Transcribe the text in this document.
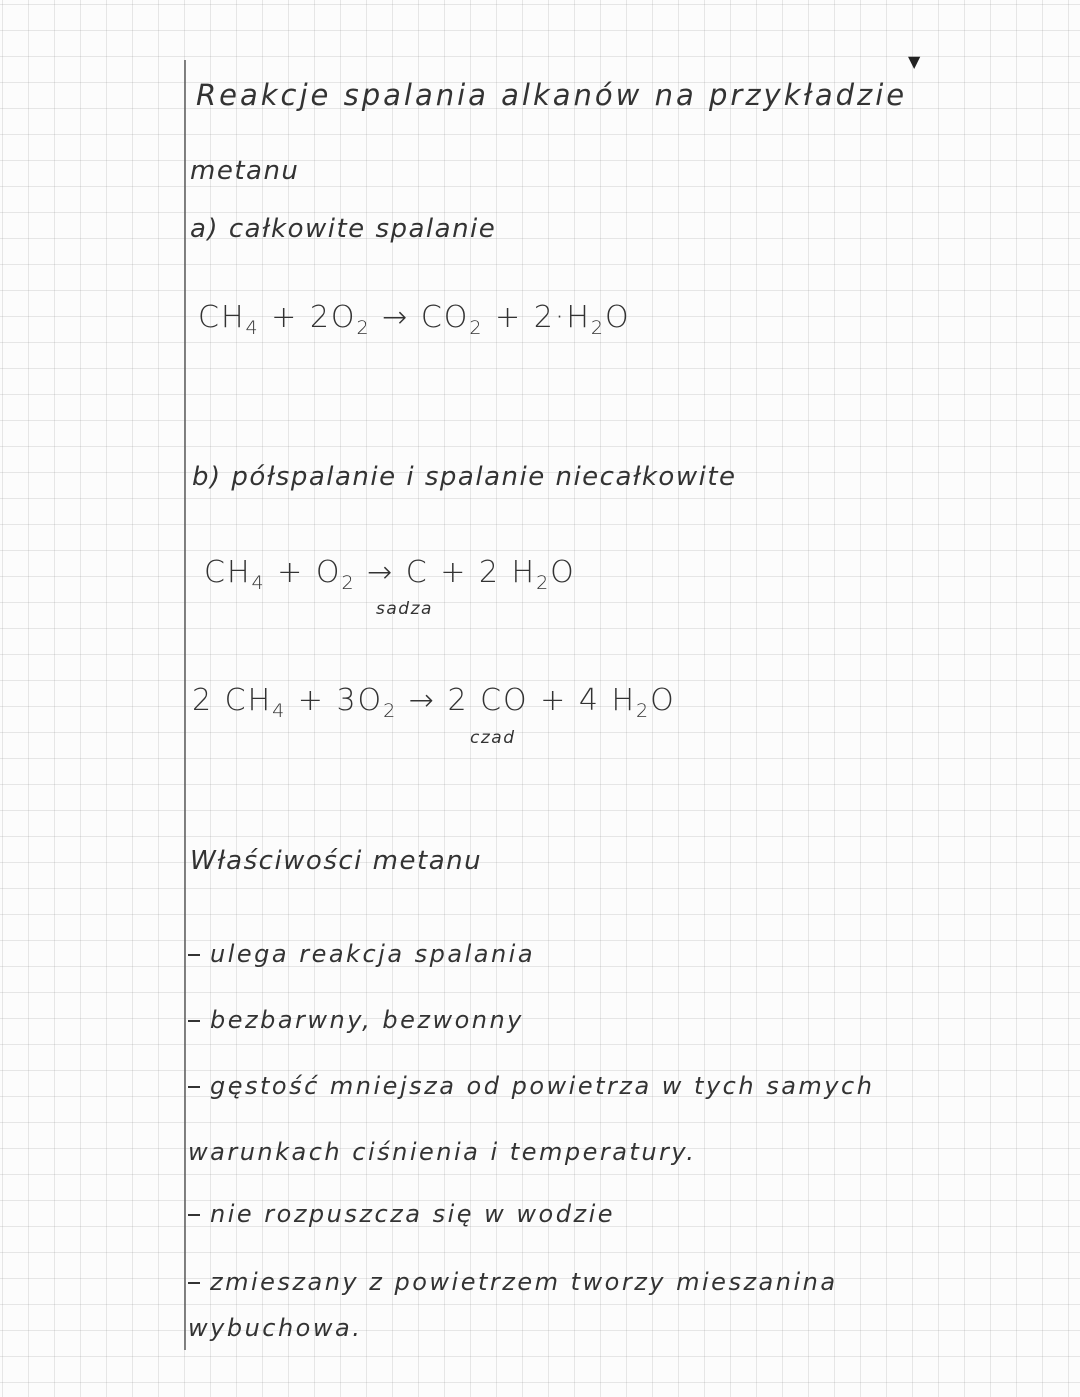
▼
Reakcje spalania alkanów na przykładzie
metanu
a) całkowite spalanie
$CH_4 + 2O_2 \to CO_2 + 2\cdot H_2O$
b) półspalanie i spalanie niecałkowite
$CH_4 + O_2 \to C + 2$ $H_2O$
sadza
2 $CH_4 + 3O_2 \to 2$ CO + 4 $H_2O$
czad
Właściwości metanu
ulega reakcja spalania
bezbarwny, bezwonny
gęstość mniejsza od powietrza w tych samych
warunkach ciśnienia i temperatury.
nie rozpuszcza się w wodzie
zmieszany z powietrzem tworzy mieszanina
wybuchowa.
